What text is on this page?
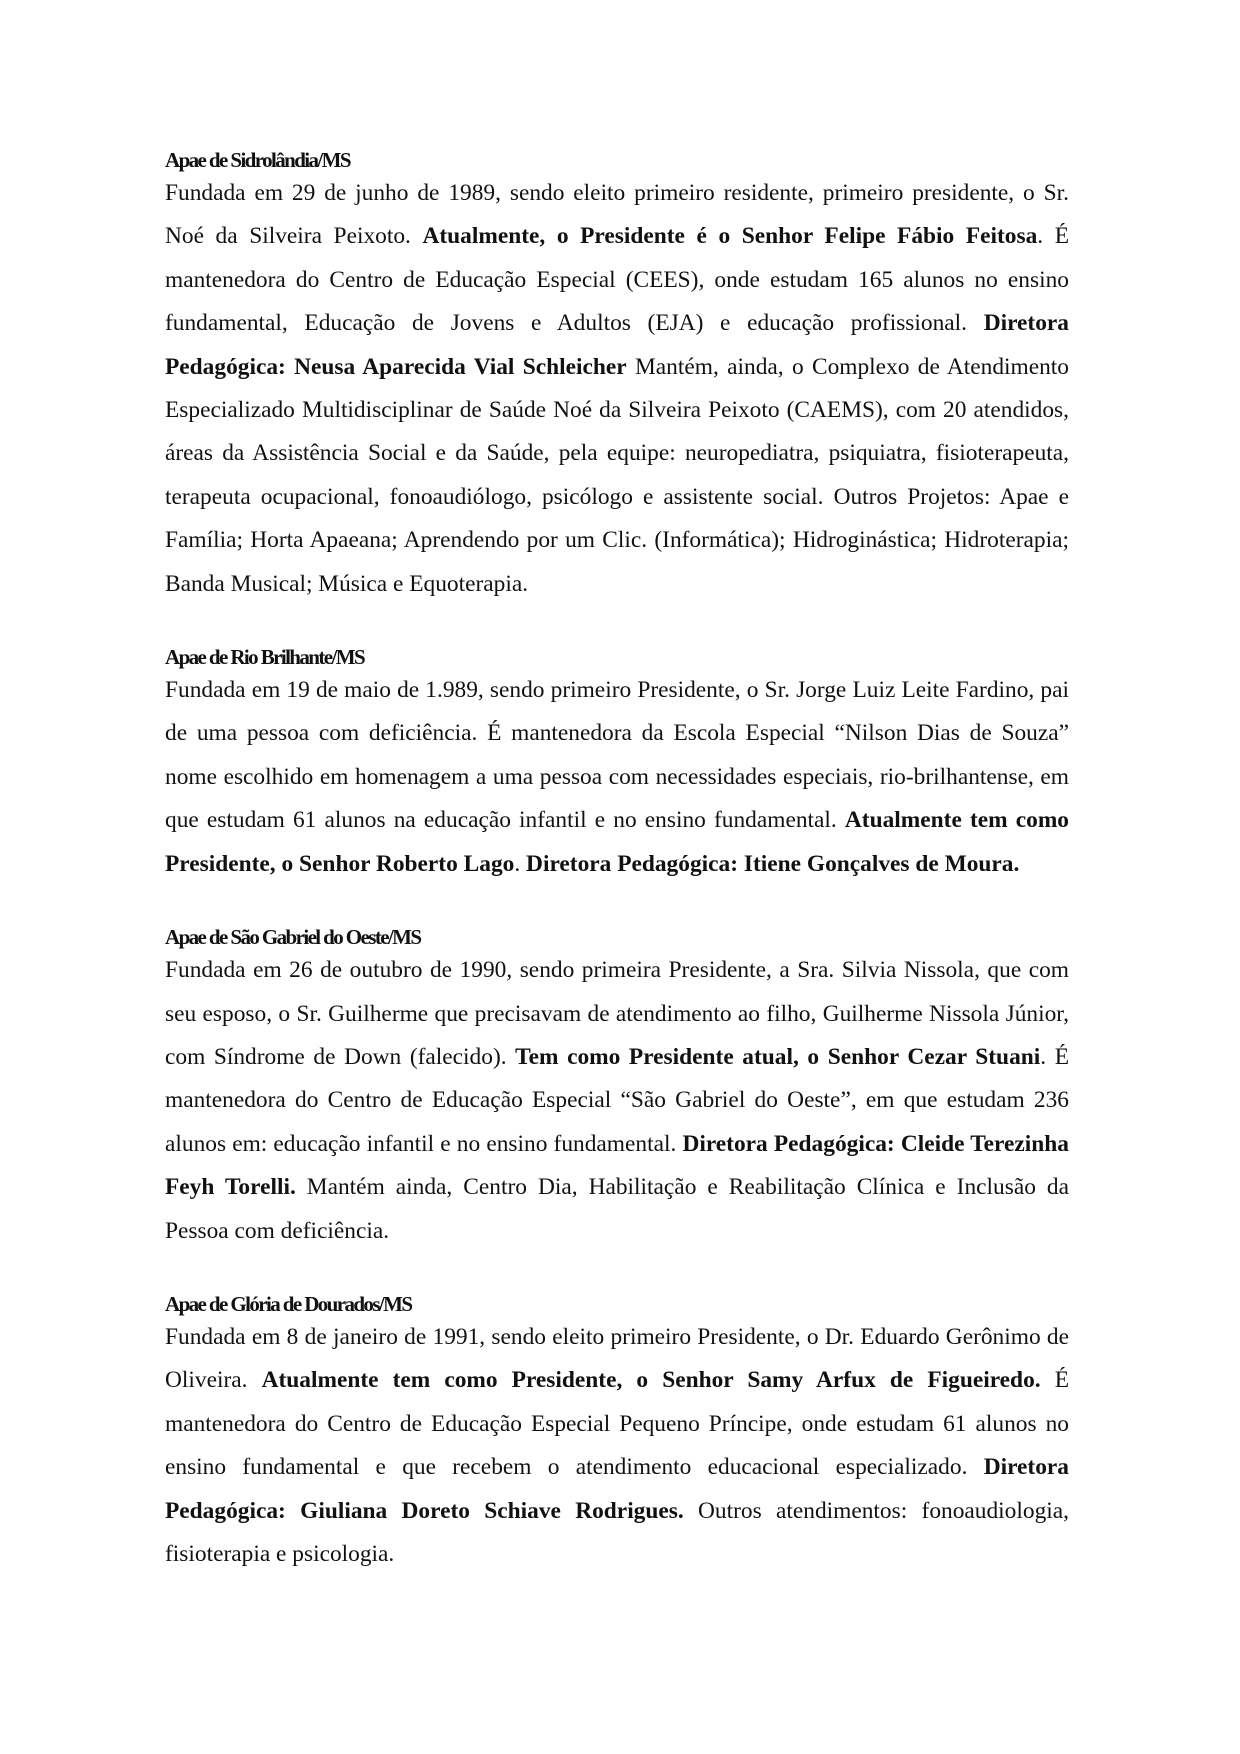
Apae de Sidrolândia/MS

Fundada em 29 de junho de 1989, sendo eleito primeiro residente, primeiro presidente, o Sr. Noé da Silveira Peixoto. Atualmente, o Presidente é o Senhor Felipe Fábio Feitosa. É mantenedora do Centro de Educação Especial (CEES), onde estudam 165 alunos no ensino fundamental, Educação de Jovens e Adultos (EJA) e educação profissional. Diretora Pedagógica: Neusa Aparecida Vial Schleicher Mantém, ainda, o Complexo de Atendimento Especializado Multidisciplinar de Saúde Noé da Silveira Peixoto (CAEMS), com 20 atendidos, áreas da Assistência Social e da Saúde, pela equipe: neuropediatra, psiquiatra, fisioterapeuta, terapeuta ocupacional, fonoaudiólogo, psicólogo e assistente social. Outros Projetos: Apae e Família; Horta Apaeana; Aprendendo por um Clic. (Informática); Hidroginástica; Hidroterapia; Banda Musical; Música e Equoterapia.

Apae de Rio Brilhante/MS

Fundada em 19 de maio de 1.989, sendo primeiro Presidente, o Sr. Jorge Luiz Leite Fardino, pai de uma pessoa com deficiência. É mantenedora da Escola Especial “Nilson Dias de Souza” nome escolhido em homenagem a uma pessoa com necessidades especiais, rio-brilhantense, em que estudam 61 alunos na educação infantil e no ensino fundamental. Atualmente tem como Presidente, o Senhor Roberto Lago. Diretora Pedagógica: Itiene Gonçalves de Moura.

Apae de São Gabriel do Oeste/MS

Fundada em 26 de outubro de 1990, sendo primeira Presidente, a Sra. Silvia Nissola, que com seu esposo, o Sr. Guilherme que precisavam de atendimento ao filho, Guilherme Nissola Júnior, com Síndrome de Down (falecido). Tem como Presidente atual, o Senhor Cezar Stuani. É mantenedora do Centro de Educação Especial “São Gabriel do Oeste”, em que estudam 236 alunos em: educação infantil e no ensino fundamental. Diretora Pedagógica: Cleide Terezinha Feyh Torelli. Mantém ainda, Centro Dia, Habilitação e Reabilitação Clínica e Inclusão da Pessoa com deficiência.

Apae de Glória de Dourados/MS

Fundada em 8 de janeiro de 1991, sendo eleito primeiro Presidente, o Dr. Eduardo Gerônimo de Oliveira. Atualmente tem como Presidente, o Senhor Samy Arfux de Figueiredo. É mantenedora do Centro de Educação Especial Pequeno Príncipe, onde estudam 61 alunos no ensino fundamental e que recebem o atendimento educacional especializado. Diretora Pedagógica: Giuliana Doreto Schiave Rodrigues. Outros atendimentos: fonoaudiologia, fisioterapia e psicologia.
